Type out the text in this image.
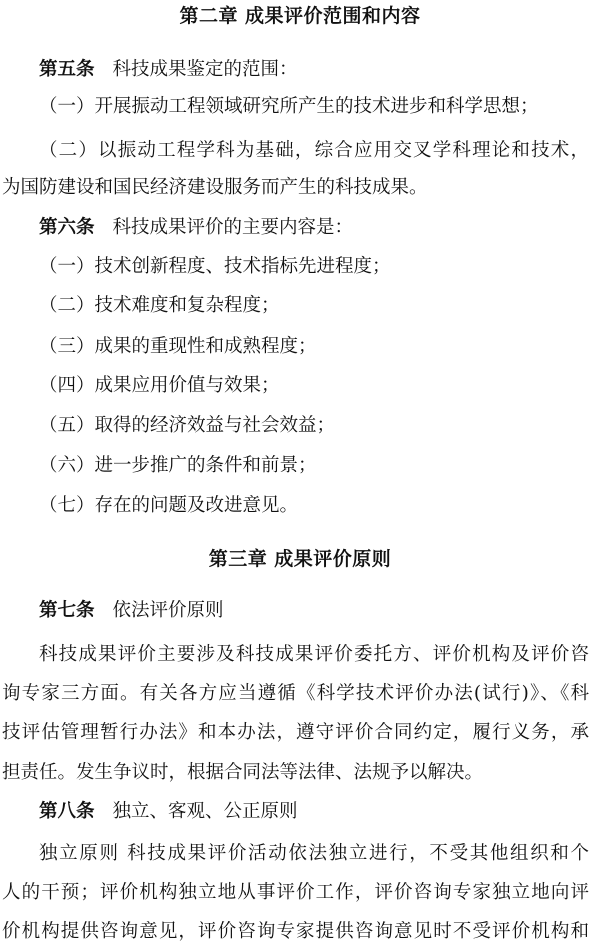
第二章 成果评价范围和内容
第五条 科技成果鉴定的范围：
（一）开展振动工程领域研究所产生的技术进步和科学思想；
（二）以振动工程学科为基础，综合应用交叉学科理论和技术，
为国防建设和国民经济建设服务而产生的科技成果。
第六条 科技成果评价的主要内容是：
（一）技术创新程度、技术指标先进程度；
（二）技术难度和复杂程度；
（三）成果的重现性和成熟程度；
（四）成果应用价值与效果；
（五）取得的经济效益与社会效益；
（六）进一步推广的条件和前景；
（七）存在的问题及改进意见。
第三章 成果评价原则
第七条 依法评价原则
科技成果评价主要涉及科技成果评价委托方、评价机构及评价咨
询专家三方面。有关各方应当遵循《科学技术评价办法(试行)》、《科
技评估管理暂行办法》和本办法，遵守评价合同约定，履行义务，承
担责任。发生争议时，根据合同法等法律、法规予以解决。
第八条 独立、客观、公正原则
独立原则 科技成果评价活动依法独立进行，不受其他组织和个
人的干预；评价机构独立地从事评价工作，评价咨询专家独立地向评
价机构提供咨询意见，评价咨询专家提供咨询意见时不受评价机构和
